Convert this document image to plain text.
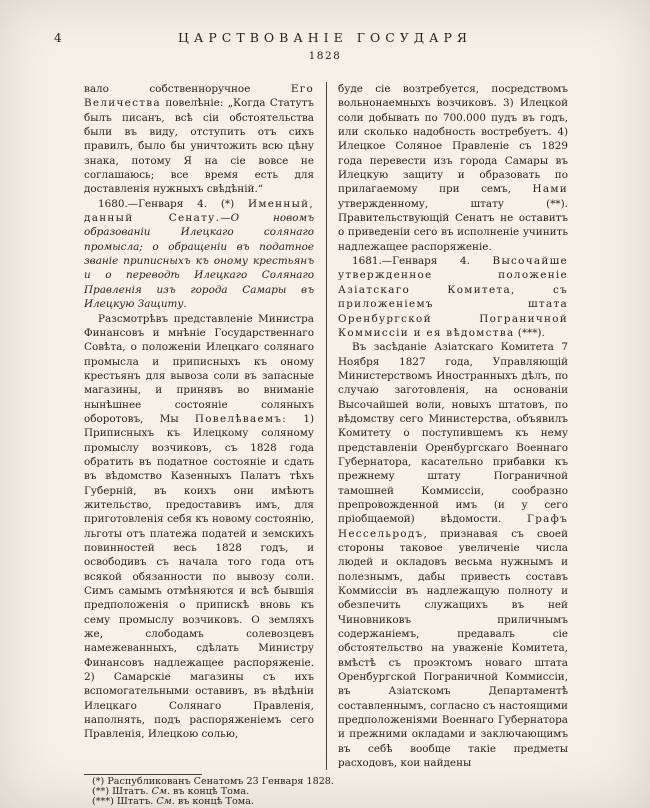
4	ЦАРСТВОВАНІЕ ГОСУДАРЯ
1828

вало собственноручное Его Величества повелѣніе: „Когда Статутъ былъ писанъ, всѣ сіи обстоятельства были въ виду, отступить отъ сихъ правилъ, было бы уничтожить всю цѣну знака, потому Я на сіе вовсе не соглашаюсь; все время есть для доставленія нужныхъ свѣдѣній.“

1680.—Генваря 4. (*) Именный, данный Сенату.—О новомъ образованіи Илецкаго солянаго промысла; о обращеніи въ податное званіе приписныхъ къ оному крестьянъ и о переводѣ Илецкаго Солянаго Правленія изъ города Самары въ Илецкую Защиту.

Разсмотрѣвъ представленіе Министра Финансовъ и мнѣніе Государственнаго Совѣта, о положеніи Илецкаго солянаго промысла и приписныхъ къ оному крестьянъ для вывоза соли въ запасные магазины, и принявъ во вниманіе нынѣшнее состояніе соляныхъ оборотовъ, Мы Повелѣваемъ: 1) Приписныхъ къ Илецкому соляному промыслу возчиковъ, съ 1828 года обратить въ податное состояніе и сдать въ вѣдомство Казенныхъ Палатъ тѣхъ Губерній, въ коихъ они имѣютъ жительство, предоставивъ имъ, для приготовленія себя къ новому состоянію, льготы отъ платежа податей и земскихъ повинностей весь 1828 годъ, и освободивъ съ начала того года отъ всякой обязанности по вывозу соли. Симъ самымъ отмѣняются и всѣ бывшія предположенія о припискѣ вновь къ сему промыслу возчиковъ. О земляхъ же, слободамъ солевозцевъ намежеванныхъ, сдѣлать Министру Финансовъ надлежащее распоряженіе. 2) Самарскіе магазины съ ихъ вспомогательными оставивъ, въ вѣдѣніи Илецкаго Солянаго Правленія, наполнять, подъ распоряженіемъ сего Правленія, Илецкою солью,

буде сіе возтребуется, посредствомъ вольнонаемныхъ возчиковъ. 3) Илецкой соли добывать по 700.000 пудъ въ годъ, или сколько надобность востребуетъ. 4) Илецкое Соляное Правленіе съ 1829 года перевести изъ города Самары въ Илецкую защиту и образовать по прилагаемому при семъ, Нами утвержденному, штату (**). Правительствующій Сенатъ не оставитъ о приведеніи сего въ исполненіе учинить надлежащее распоряженіе.

1681.—Генваря 4. Высочайше утвержденное положеніе Азіатскаго Комитета, съ приложеніемъ штата Оренбургской Пограничной Коммиссіи и ея вѣдомства (***).

Въ засѣданіе Азіатскаго Комитета 7 Ноября 1827 года, Управляющій Министерствомъ Иностранныхъ дѣлъ, по случаю заготовленія, на основаніи Высочайшей воли, новыхъ штатовъ, по вѣдомству сего Министерства, объявилъ Комитету о поступившемъ къ нему представленіи Оренбургскаго Военнаго Губернатора, касательно прибавки къ прежнему штату Пограничной тамошней Коммиссіи, сообразно препровожденной имъ (и у сего пріобщаемой) вѣдомости. Графъ Нессельродъ, признавая съ своей стороны таковое увеличеніе числа людей и окладовъ весьма нужнымъ и полезнымъ, дабы привесть составъ Коммиссіи въ надлежащую полноту и обезпечить служащихъ въ ней Чиновниковъ приличнымъ содержаніемъ, предавалъ сіе обстоятельство на уваженіе Комитета, вмѣстѣ съ проэктомъ новаго штата Оренбургской Пограничной Коммиссіи, въ Азіатскомъ Департаментѣ составленнымъ, согласно съ настоящими предположеніями Военнаго Губернатора и прежними окладами и заключающимъ въ себѣ вообще такіе предметы расходовъ, кои найдены

(*) Распубликованъ Сенатомъ 23 Генваря 1828.

(**) Штатъ. См. въ концѣ Тома.

(***) Штатъ. См. въ концѣ Тома.
